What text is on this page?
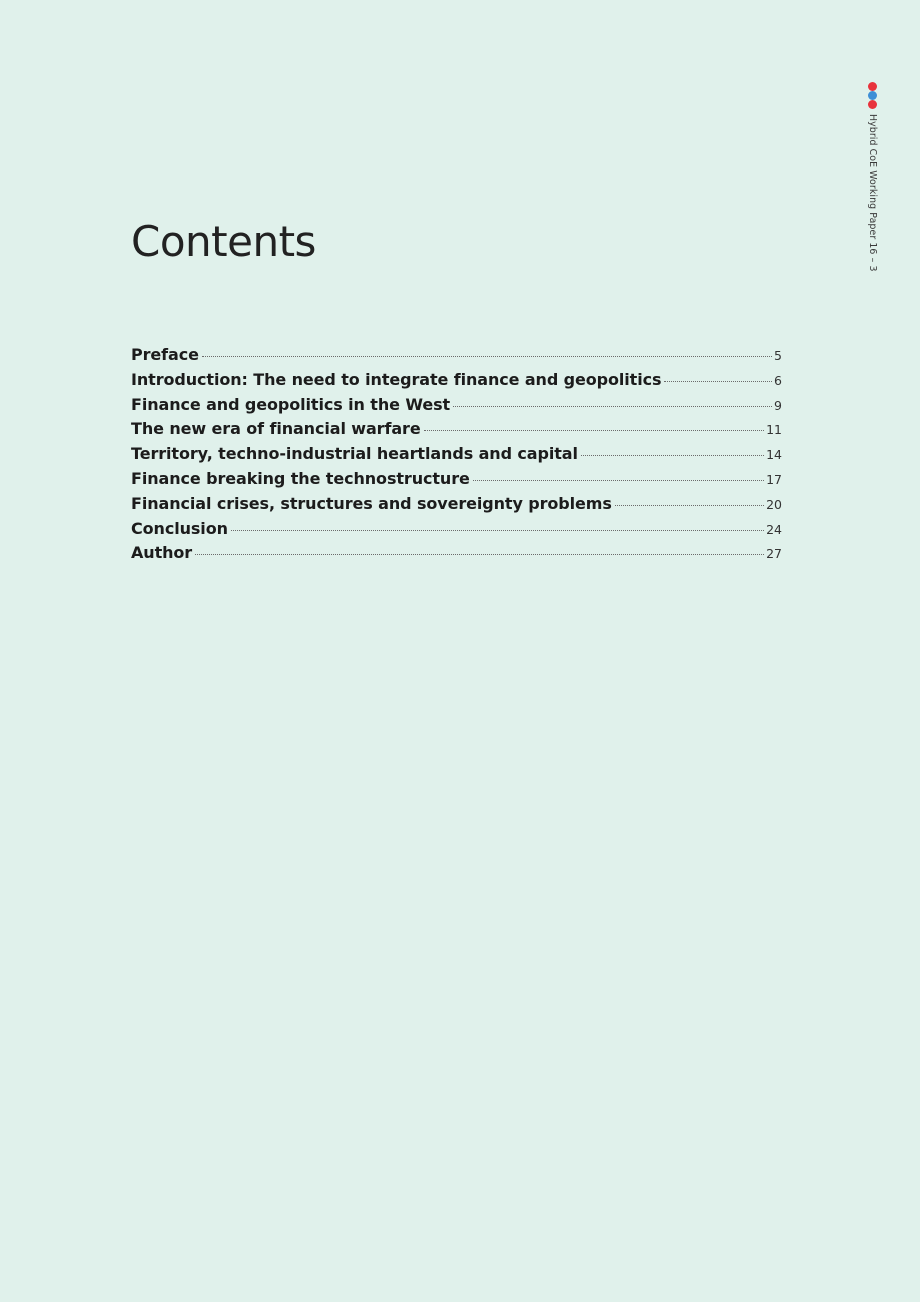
Hybrid CoE Working Paper 16 – 3
Contents
Preface	5
Introduction: The need to integrate finance and geopolitics	6
Finance and geopolitics in the West	9
The new era of financial warfare	11
Territory, techno-industrial heartlands and capital	14
Finance breaking the technostructure	17
Financial crises, structures and sovereignty problems	20
Conclusion	24
Author	27
